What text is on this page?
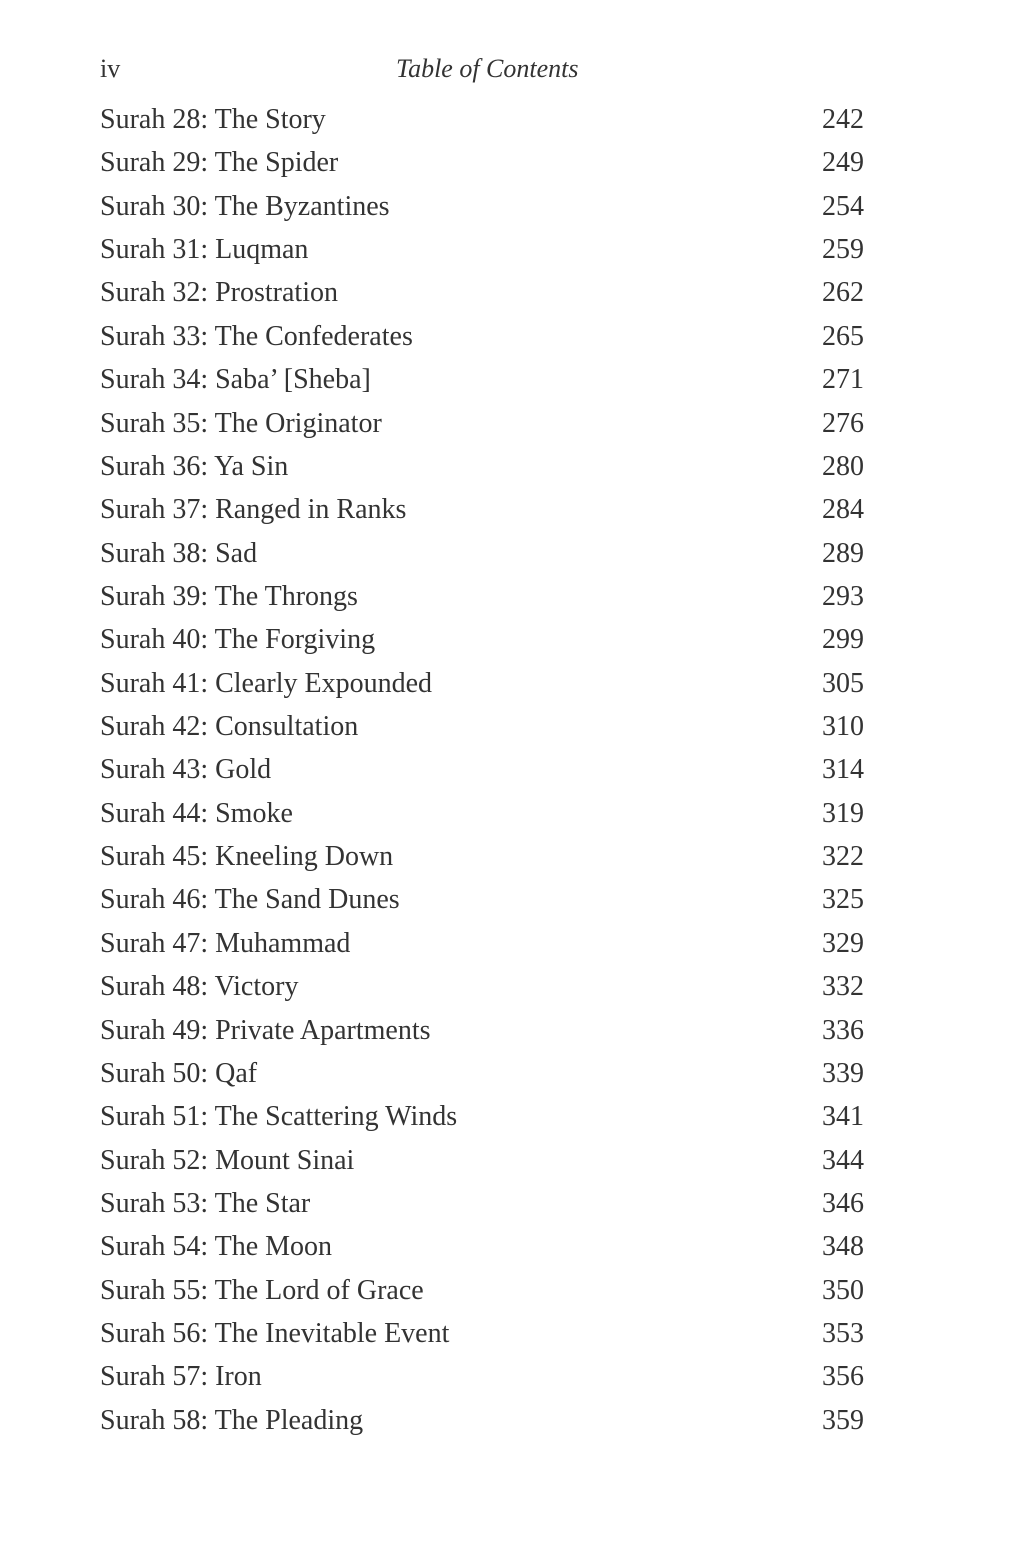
iv	Table of Contents
Surah 28: The Story	242
Surah 29: The Spider	249
Surah 30: The Byzantines	254
Surah 31: Luqman	259
Surah 32: Prostration	262
Surah 33: The Confederates	265
Surah 34: Saba’ [Sheba]	271
Surah 35: The Originator	276
Surah 36: Ya Sin	280
Surah 37: Ranged in Ranks	284
Surah 38: Sad	289
Surah 39: The Throngs	293
Surah 40: The Forgiving	299
Surah 41: Clearly Expounded	305
Surah 42: Consultation	310
Surah 43: Gold	314
Surah 44: Smoke	319
Surah 45: Kneeling Down	322
Surah 46: The Sand Dunes	325
Surah 47: Muhammad	329
Surah 48: Victory	332
Surah 49: Private Apartments	336
Surah 50: Qaf	339
Surah 51: The Scattering Winds	341
Surah 52: Mount Sinai	344
Surah 53: The Star	346
Surah 54: The Moon	348
Surah 55: The Lord of Grace	350
Surah 56: The Inevitable Event	353
Surah 57: Iron	356
Surah 58: The Pleading	359
